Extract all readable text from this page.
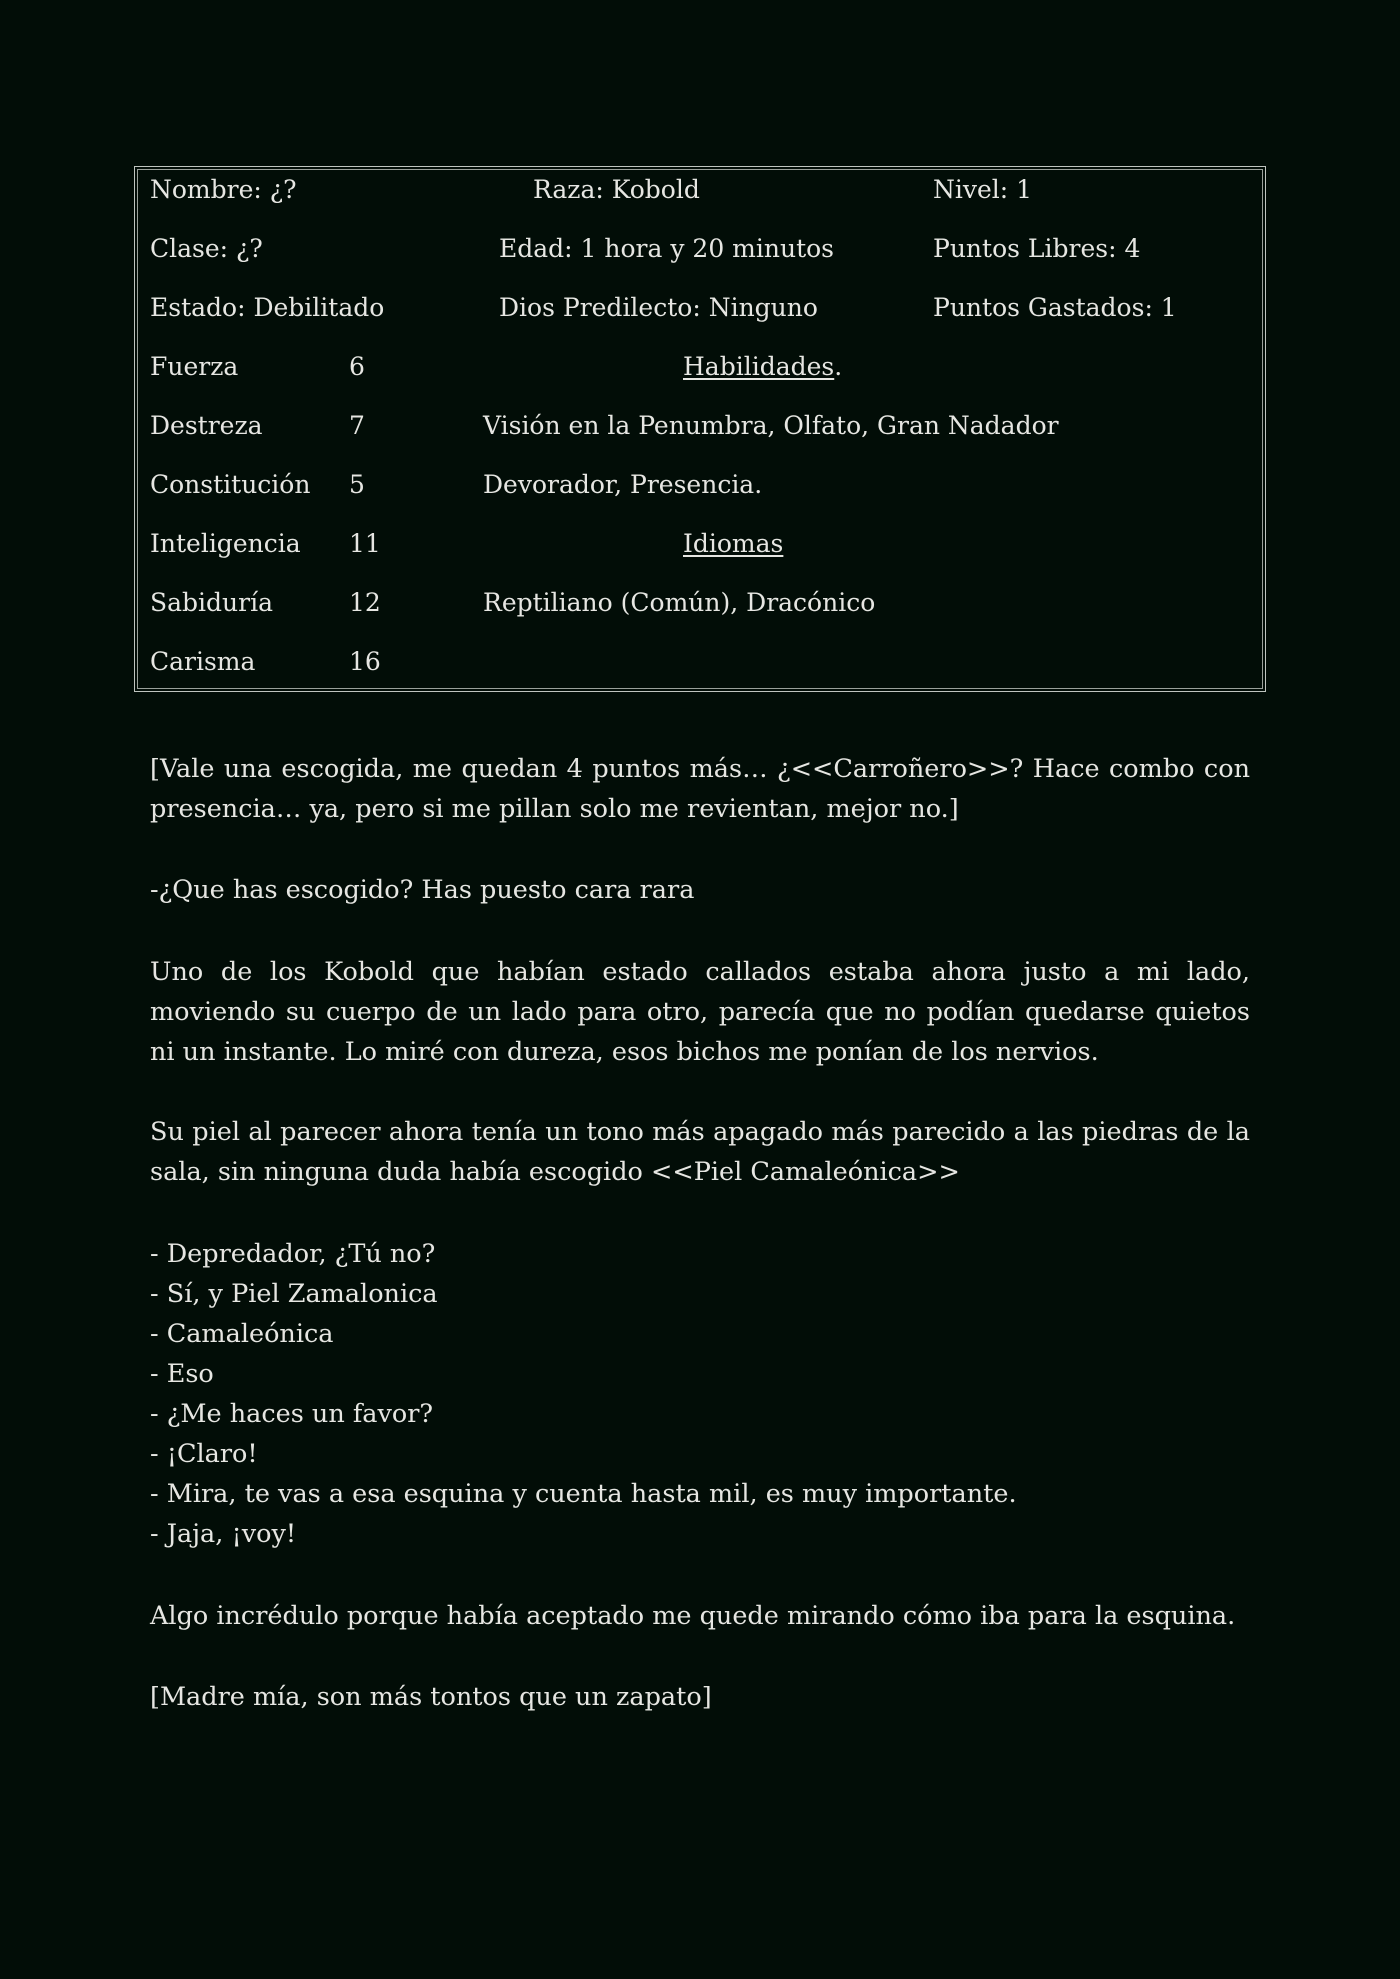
Nombre: ¿?	Raza: Kobold	Nivel: 1
Clase: ¿?	Edad: 1 hora y 20 minutos	Puntos Libres: 4
Estado: Debilitado	Dios Predilecto: Ninguno	Puntos Gastados: 1
Fuerza	6
Destreza	7
Constitución 5
Inteligencia 11
Sabiduría	12
Carisma	16
Habilidades.
Visión en la Penumbra, Olfato, Gran Nadador
Devorador, Presencia.
Idiomas
Reptiliano (Común), Dracónico

[Vale una escogida, me quedan 4 puntos más… ¿<<Carroñero>>? Hace combo con presencia… ya, pero si me pillan solo me revientan, mejor no.]

-¿Que has escogido? Has puesto cara rara

Uno de los Kobold que habían estado callados estaba ahora justo a mi lado, moviendo su cuerpo de un lado para otro, parecía que no podían quedarse quietos ni un instante. Lo miré con dureza, esos bichos me ponían de los nervios.

Su piel al parecer ahora tenía un tono más apagado más parecido a las piedras de la sala, sin ninguna duda había escogido <<Piel Camaleónica>>

- Depredador, ¿Tú no?
- Sí, y Piel Zamalonica
- Camaleónica
- Eso
- ¿Me haces un favor?
- ¡Claro!
- Mira, te vas a esa esquina y cuenta hasta mil, es muy importante.
- Jaja, ¡voy!

Algo incrédulo porque había aceptado me quede mirando cómo iba para la esquina.

[Madre mía, son más tontos que un zapato]
